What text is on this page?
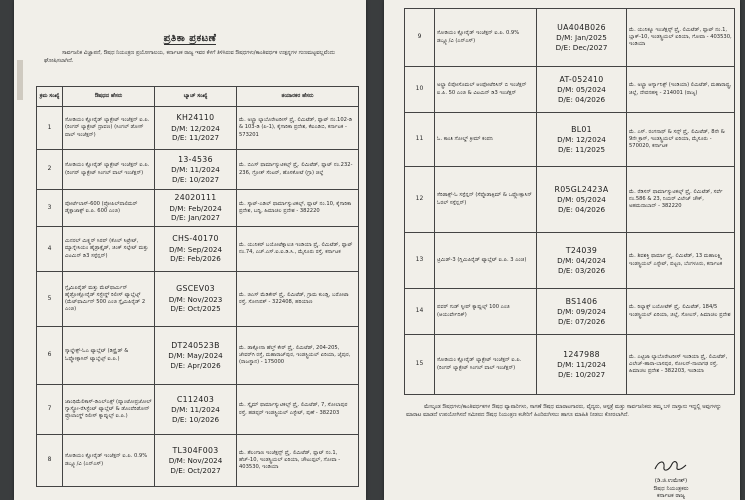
ಪ್ರತಿಕಾ ಪ್ರಕಟಣೆ
ಸಾರ್ವಜನಿಕ ವಿಜ್ಞಾಪನೆ, ಔಷಧ ನಿಯಂತ್ರಣ ಪ್ರಯೋಗಾಲಯ, ಕರ್ನಾಟಕ ರಾಜ್ಯ ಇವರ ಕೆಳಗೆ ತಿಳಿಸಿರುವ ಔಷಧಗಳು/ಕಾಂತಿವರ್ಧಕ ಉತ್ಪನ್ನಗಳ ಗುಣಮಟ್ಟವಲ್ಲವೆಂದು ಘೋಷಿಸಲಾಗಿದೆ.
ಕ್ರಮ ಸಂಖ್ಯೆ	ಔಷಧದ ಹೆಸರು	ಬ್ಯಾಚ್ ಸಂಖ್ಯೆ	ತಯಾರಕರ ಹೆಸರು
1	ಸೋಡಿಯಂ ಕ್ಲೋರೈಡ್ ಲ್ಯಾಕ್ಟೇಟ್ ಇಂಜೆಕ್ಷನ್ ಐ.ಪಿ. (ರಿಂಗರ್ ಲ್ಯಾಕ್ಟೇಟ್ ದ್ರಾವಣ) (ಸಿಂಗಲ್ ಡೋಸ್ ವಾಲ್ ಇಂಜೆಕ್ಷನ್)	KH24110
D/M: 12/2024
D/E: 11/2027	ಮೆ. ಅಲ್ಟ್ರಾ ಲ್ಯಾಬೊರೇಟರೀಸ್ ಪ್ರೈ. ಲಿಮಿಟೆಡ್, ಪ್ಲಾಟ್ ನಂ.102-ಡಿ & 103-ಡಿ (ಪಿ-1), ಕೈಗಾರಿಕಾ ಪ್ರದೇಶ, ಕೆಐಎಡಿಬಿ, ಕರ್ನಾಟಕ - 573201
2	ಸೋಡಿಯಂ ಕ್ಲೋರೈಡ್ ಲ್ಯಾಕ್ಟೇಟ್ ಇಂಜೆಕ್ಷನ್ ಐ.ಪಿ. (ರಿಂಗರ್ ಲ್ಯಾಕ್ಟೇಟ್ ಸಿಂಗಲ್ ವಾಲ್ ಇಂಜೆಕ್ಷನ್)	13-4536
D/M: 11/2024
D/E: 10/2027	ಮೆ. ಬಿಎಸ್ ಫಾರ್ಮಾಸ್ಯುಟಿಕಲ್ಸ್ ಪ್ರೈ. ಲಿಮಿಟೆಡ್, ಪ್ಲಾಟ್ ನಂ.232-236, ಗ್ರೋತ್ ಸೆಂಟರ್, ಹೊಸಕೋಟೆ (ಗ್ರಾ) ಜಿಲ್ಲೆ
3	ಪೋರ್ಟೆಲಾಸ್-600 (ಪ್ರೋಪಿಲ್‌ಪಾಲಿಮರ್ ಡೈಕ್ಲಾಜಾಕ್ಸ್ ಐ.ಪಿ. 600 ಎಂಜಿ)	24020111
D/M: Feb/2024
D/E: Jan/2027	ಮೆ. ಸ್ಕಾಟ್-ಎಡಿಲ್ ಫಾರ್ಮಾಸ್ಯುಟಿಕಲ್ಸ್, ಪ್ಲಾಟ್ ನಂ.10, ಕೈಗಾರಿಕಾ ಪ್ರದೇಶ, ಬದ್ದಿ, ಹಿಮಾಚಲ ಪ್ರದೇಶ - 382220
4	ಮಿನರಲ್ ಮಿಕ್ಸ್ಚರ್ ಸಿರಪ್ (ಕೊಲ್ ಸಿಟ್ರೇಟ್, ಮ್ಯಾಗ್ನೇಸಿಯಂ ಹೈಡ್ರಾಕ್ಸೈಡ್, ಜಿಂಕ್ ಸಲ್ಫೇಟ್ ಮತ್ತು ವಿಟಮಿನ್ ಡಿ3 ಸಸ್ಪೆನ್ಷನ್)	CHS-40170
D/M: Sep/2024
D/E: Feb/2026	ಮೆ. ಯುನಿಕರ್ ಬಯೋಟೆಕ್ನಾಲಜಿ ಇಂಡಿಯಾ ಪ್ರೈ. ಲಿಮಿಟೆಡ್, ಪ್ಲಾಟ್ ನಂ.74, ಎಚ್.ಎಸ್.ಐ.ಐ.ಡಿ.ಸಿ., ಮೈಸೂರು ರಸ್ತೆ, ಕರ್ನಾಟಕ
5	ಗ್ಲೈಮಿಪಿರೈಡ್ ಮತ್ತು ಮೆಟ್‌ಫಾರ್ಮಿನ್ ಹೈಡ್ರೋಕ್ಲೋರೈಡ್ ಸಸ್ಟೇನ್ಡ್ ರಿಲೀಸ್ ಟ್ಯಾಬ್ಲೆಟ್ಸ್ (ಮೆಟ್‌ಫಾರ್ಮಿನ್ 500 ಎಂಜಿ ಗ್ಲೈಮಿಪಿರೈಡ್ 2 ಎಂಜಿ)	GSCEV03
D/M: Nov/2023
D/E: Oct/2025	ಮೆ. ಜಿಎಸ್ ಮೆಡಿಕೇರ್ ಪ್ರೈ. ಲಿಮಿಟೆಡ್, ಗ್ರಾಮ ಕುಂಡ್ಲಿ, ಬರೋಟಾ ರಸ್ತೆ, ಸೋನಿಪತ್ - 322408, ಹರಿಯಾಣ
6	ಸ್ಕಾಲ್ಡೇಕ್ಸ್-ಓಎ ಟ್ಯಾಬ್ಲೆಟ್ (ಡಿಸ್ಟ್ರೈಡ್ & ಓಫ್ಲೋಕ್ಸಾಸಿನ್ ಟ್ಯಾಬ್ಲೆಟ್ಸ್ ಐ.ಪಿ.)	DT240523B
D/M: May/2024
D/E: Apr/2026	ಮೆ. ಡಾಕ್ಸೋನಾ ಹೆಲ್ತ್ ಕೇರ್ ಪ್ರೈ. ಲಿಮಿಟೆಡ್, 204-205, ಜೇವರ್‌ಗಿ ರಸ್ತೆ, ಮಹಾರಾಜ್‌ಪುರ, ಇಂಡಸ್ಟ್ರಿಯಲ್ ಏರಿಯಾ, ಜೈಪುರ, (ರಾಜಸ್ಥಾನ) - 175000
7	ಜಾಂಥಿಮೆಲಿಕಾಸ್-ಡಿಎಲ್‌ಎಕ್ಸ್ (ಪ್ಯಾಂಟೋಪ್ರಜೋಲ್ ಗ್ಯಾಸ್ಟ್ರೋ-ರೆಸಿಸ್ಟೆಂಟ್ ಟ್ಯಾಬ್ಲೆಟ್ & ಡೊಂಪೆರಿಡೋನ್ ಪ್ರೊಲಾಂಗ್ಡ್ ರಿಲೀಸ್ ಕ್ಯಾಪ್ಸುಲ್ಸ್ ಐ.ಪಿ.)	C112403
D/M: 11/2024
D/E: 10/2026	ಮೆ. ಸ್ಕೈಮ್ ಫಾರ್ಮಾಸ್ಯುಟಿಕಲ್ಸ್ ಪ್ರೈ. ಲಿಮಿಟೆಡ್, 7, ಸೋಲಾಪುರ ರಸ್ತೆ, ಹಡಪ್ಸರ್ ಇಂಡಸ್ಟ್ರಿಯಲ್ ಎಸ್ಟೇಟ್, ಪುಣೆ - 382203
8	ಸೋಡಿಯಂ ಕ್ಲೋರೈಡ್ ಇಂಜೆಕ್ಷನ್ ಐ.ಪಿ. 0.9% ಡಬ್ಲ್ಯೂ/ವಿ (ಎನ್‌ಎಸ್)	TL304F003
D/M: Nov/2024
D/E: Oct/2027	ಮೆ. ತೆಲಂಗಾಣ ಇಂಜೆಕ್ಷನ್ಸ್ ಪ್ರೈ. ಲಿಮಿಟೆಡ್, ಪ್ಲಾಟ್ ನಂ.1, ಹೆಚ್-10, ಇಂಡಸ್ಟ್ರಿಯಲ್ ಏರಿಯಾ, ಚೌಟುಪ್ಪಲ್, ಗೋವಾ - 403530, ಇಂಡಿಯಾ
9	ಸೋಡಿಯಂ ಕ್ಲೋರೈಡ್ ಇಂಜೆಕ್ಷನ್ ಐ.ಪಿ. 0.9% ಡಬ್ಲ್ಯೂ/ವಿ (ಎನ್‌ಎಸ್)	UA404B026
D/M: Jan/2025
D/E: Dec/2027	ಮೆ. ಯುನಿಕ್ಯೂ ಇಂಜೆಕ್ಷನ್ಸ್ ಪ್ರೈ. ಲಿಮಿಟೆಡ್, ಪ್ಲಾಟ್ ನಂ.1, ಬ್ಲಾಕ್-10, ಇಂಡಸ್ಟ್ರಿಯಲ್ ಏರಿಯಾ, ಗೋವಾ - 403530, ಇಂಡಿಯಾ
10	ಅಲ್ಟ್ರಾ ಲಿಪೋಸೊಮಲ್ ಆಂಫೋಟೆರಿಸಿನ್ ಬಿ ಇಂಜೆಕ್ಷನ್ ಐ.ಪಿ. 50 ಎಂಜಿ & ವಿಟಮಿನ್ ಡಿ3 ಇಂಜೆಕ್ಷನ್	AT-052410
D/M: 05/2024
D/E: 04/2026	ಮೆ. ಅಲ್ಟ್ರಾ ಆರ್ಗ್ಯಾನಿಕ್ಸ್ (ಇಂಡಿಯಾ) ಲಿಮಿಟೆಡ್, ಮಹಾರಾಷ್ಟ್ರ, ಜಿಲ್ಲೆ, ದೇವನಹಳ್ಳಿ - 214001 (ರಾಜ್ಯ)
11	ಓ. ಕಾಂತಿ ಗೋಲ್ಡ್ ಕ್ರೀಮ್ ಕಂಪನಿ	BL01
D/M: 12/2024
D/E: 11/2025	ಮೆ. ಎಸ್. ರಂಗನಾಥ್ & ಸನ್ಸ್ ಪ್ರೈ. ಲಿಮಿಟೆಡ್, 8ನೇ & 9ನೇ ಕ್ರಾಸ್, ಇಂಡಸ್ಟ್ರಿಯಲ್ ಏರಿಯಾ, ಮೈಸೂರು - 570020, ಕರ್ನಾಟಕ
12	ಸೆರಿಡಾಕ್ಸ್-ಓ ಸಸ್ಪೆನ್ಷನ್ (ಸೆಫ್ಪೊಡಾಕ್ಸಿಮ್ & ಒಫ್ಲೋಕ್ಸಾಸಿನ್ ಓರಲ್ ಸಸ್ಪೆನ್ಷನ್)	R05GL2423A
D/M: 05/2024
D/E: 04/2026	ಮೆ. ರೆಡಿಸನ್ ಫಾರ್ಮಾಸ್ಯುಟಿಕಲ್ಸ್ ಪ್ರೈ. ಲಿಮಿಟೆಡ್, ಸರ್ವೆ ನಂ.586 & 23, ನಿಯರ್ ವಿಲೇಜ್ ಚೌಕ್, ಅಹಮದಾಬಾದ್ - 382220
13	ಟ್ರಿಮಿಡ್-3 (ಗ್ಲಿಮಿಪಿರೈಡ್ ಟ್ಯಾಬ್ಲೆಟ್ ಐ.ಪಿ. 3 ಎಂಜಿ)	T24039
D/M: 04/2024
D/E: 03/2026	ಮೆ. ಶಿವಶಕ್ತಿ ಫಾರ್ಮಾ ಪ್ರೈ. ಲಿಮಿಟೆಡ್, 13 ಮಹಾಲಕ್ಷ್ಮಿ ಇಂಡಸ್ಟ್ರಿಯಲ್ ಎಸ್ಟೇಟ್, ಪಟ್ಟಣ, ಬೆಂಗಳೂರು, ಕರ್ನಾಟಕ
14	ಪವರ್ ಗುಡ್ ಸ್ಲೀಪ್ ಕ್ಯಾಪ್ಸುಲ್ಸ್ 100 ಎಂಜಿ (ಆಯುರ್ವೇದಿಕ್)	BS1406
D/M: 09/2024
D/E: 07/2026	ಮೆ. ರಿಲ್ಯಾಕ್ಸ್ ಬಯೋಟೆಕ್ ಪ್ರೈ. ಲಿಮಿಟೆಡ್, 184/5 ಇಂಡಸ್ಟ್ರಿಯಲ್ ಏರಿಯಾ, ಜಿಲ್ಲೆ, ಸೋಲನ್, ಹಿಮಾಚಲ ಪ್ರದೇಶ
15	ಸೋಡಿಯಂ ಕ್ಲೋರೈಡ್ ಲ್ಯಾಕ್ಟೇಟ್ ಇಂಜೆಕ್ಷನ್ ಐ.ಪಿ. (ರಿಂಗರ್ ಲ್ಯಾಕ್ಟೇಟ್ ಸಿಂಗಲ್ ವಾಲ್ ಇಂಜೆಕ್ಷನ್)	1247988
D/M: 11/2024
D/E: 10/2027	ಮೆ. ಎಟ್ಟಿಜಾ ಲ್ಯಾಬೊರೇಟರೀಸ್ ಇಂಡಿಯಾ ಪ್ರೈ. ಲಿಮಿಟೆಡ್, ವಿಲೇಜ್-ಹಾರಾ-ಬಾಸಪುರ, ಸೋಲನ್-ನಾಲಾಗಢ ರಸ್ತೆ, ಹಿಮಾಚಲ ಪ್ರದೇಶ - 382203, ಇಂಡಿಯಾ
ಮೇಲ್ಕಂಡ ಔಷಧಗಳು/ಕಾಂತಿವರ್ಧಕಗಳ ಔಷಧ ವ್ಯಾಪಾರಿಗಳು, ಸಾಗಣೆ ಔಷಧ ಮಾರಾಟಗಾರರು, ವೈದ್ಯರು, ಆಸ್ಪತ್ರೆ ಮತ್ತು ಸಾರ್ವಜನಿಕರು ತಮ್ಮ ಬಳಿ ದಾಸ್ತಾನು ಇದ್ದಲ್ಲಿ ಅವುಗಳನ್ನು ಮಾರಾಟ ಮಾಡದೆ ಉಪಯೋಗಿಸದೆ ಸಮೀಪದ ಔಷಧ ನಿಯಂತ್ರಣ ಕಚೇರಿಗೆ ಹಿಂದಿರುಗಿಸಲು ಹಾಗೂ ಮಾಹಿತಿ ನೀಡಲು ಕೋರಲಾಗಿದೆ.
(ಡಿ.ಜಿ.ಉಮೇಶ್)
ಔಷಧ ನಿಯಂತ್ರಕರು
ಕರ್ನಾಟಕ ರಾಜ್ಯ
